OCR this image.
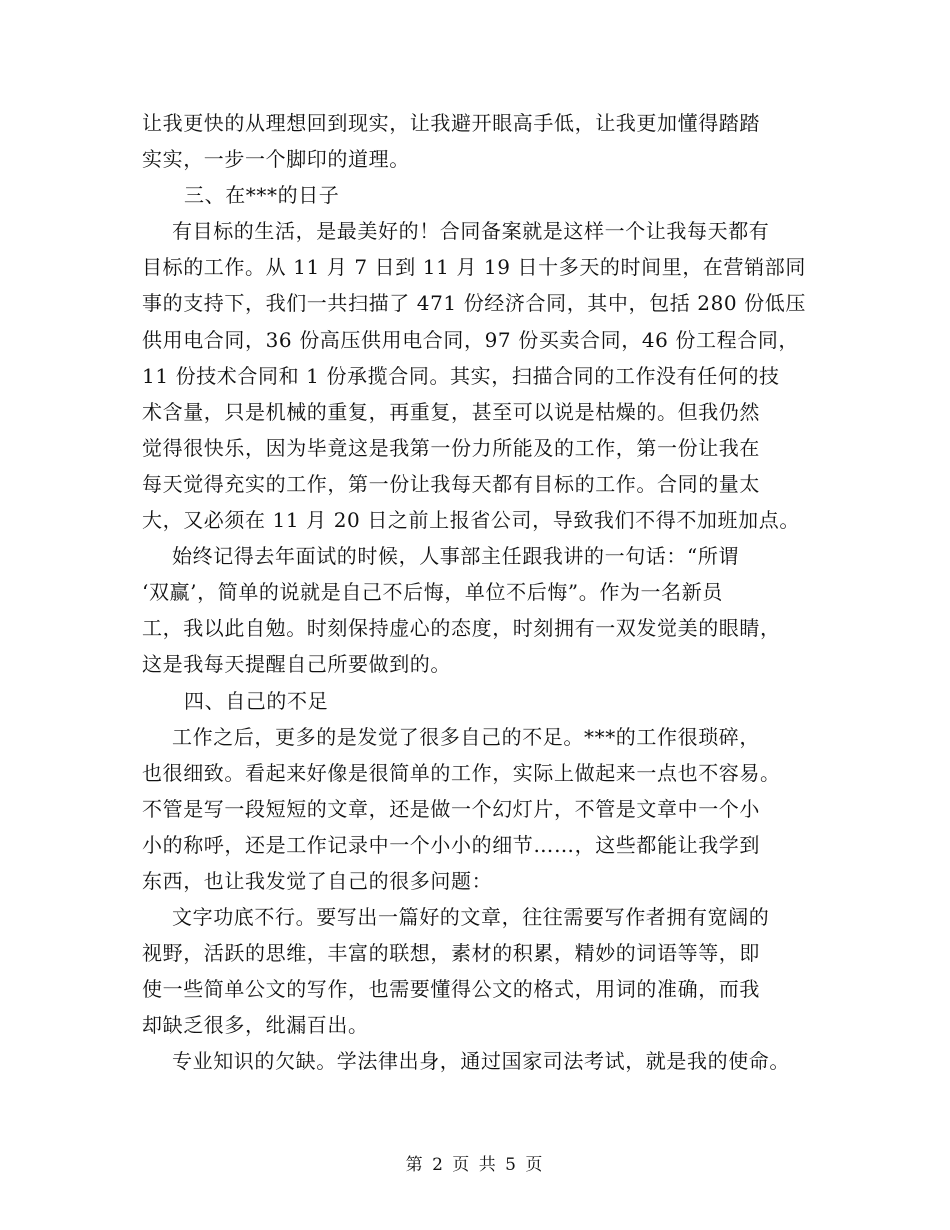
让我更快的从理想回到现实，让我避开眼高手低，让我更加懂得踏踏
实实，一步一个脚印的道理。
三、在***的日子
有目标的生活，是最美好的！合同备案就是这样一个让我每天都有
目标的工作。从 11 月 7 日到 11 月 19 日十多天的时间里，在营销部同
事的支持下，我们一共扫描了 471 份经济合同，其中，包括 280 份低压
供用电合同，36 份高压供用电合同，97 份买卖合同，46 份工程合同，
11 份技术合同和 1 份承揽合同。其实，扫描合同的工作没有任何的技
术含量，只是机械的重复，再重复，甚至可以说是枯燥的。但我仍然
觉得很快乐，因为毕竟这是我第一份力所能及的工作，第一份让我在
每天觉得充实的工作，第一份让我每天都有目标的工作。合同的量太
大，又必须在 11 月 20 日之前上报省公司，导致我们不得不加班加点。
始终记得去年面试的时候，人事部主任跟我讲的一句话：“所谓
‘双赢’，简单的说就是自己不后悔，单位不后悔”。作为一名新员
工，我以此自勉。时刻保持虚心的态度，时刻拥有一双发觉美的眼睛，
这是我每天提醒自己所要做到的。
四、自己的不足
工作之后，更多的是发觉了很多自己的不足。***的工作很琐碎，
也很细致。看起来好像是很简单的工作，实际上做起来一点也不容易。
不管是写一段短短的文章，还是做一个幻灯片，不管是文章中一个小
小的称呼，还是工作记录中一个小小的细节……，这些都能让我学到
东西，也让我发觉了自己的很多问题：
文字功底不行。要写出一篇好的文章，往往需要写作者拥有宽阔的
视野，活跃的思维，丰富的联想，素材的积累，精妙的词语等等，即
使一些简单公文的写作，也需要懂得公文的格式，用词的准确，而我
却缺乏很多，纰漏百出。
专业知识的欠缺。学法律出身，通过国家司法考试，就是我的使命。
第 2 页 共 5 页
